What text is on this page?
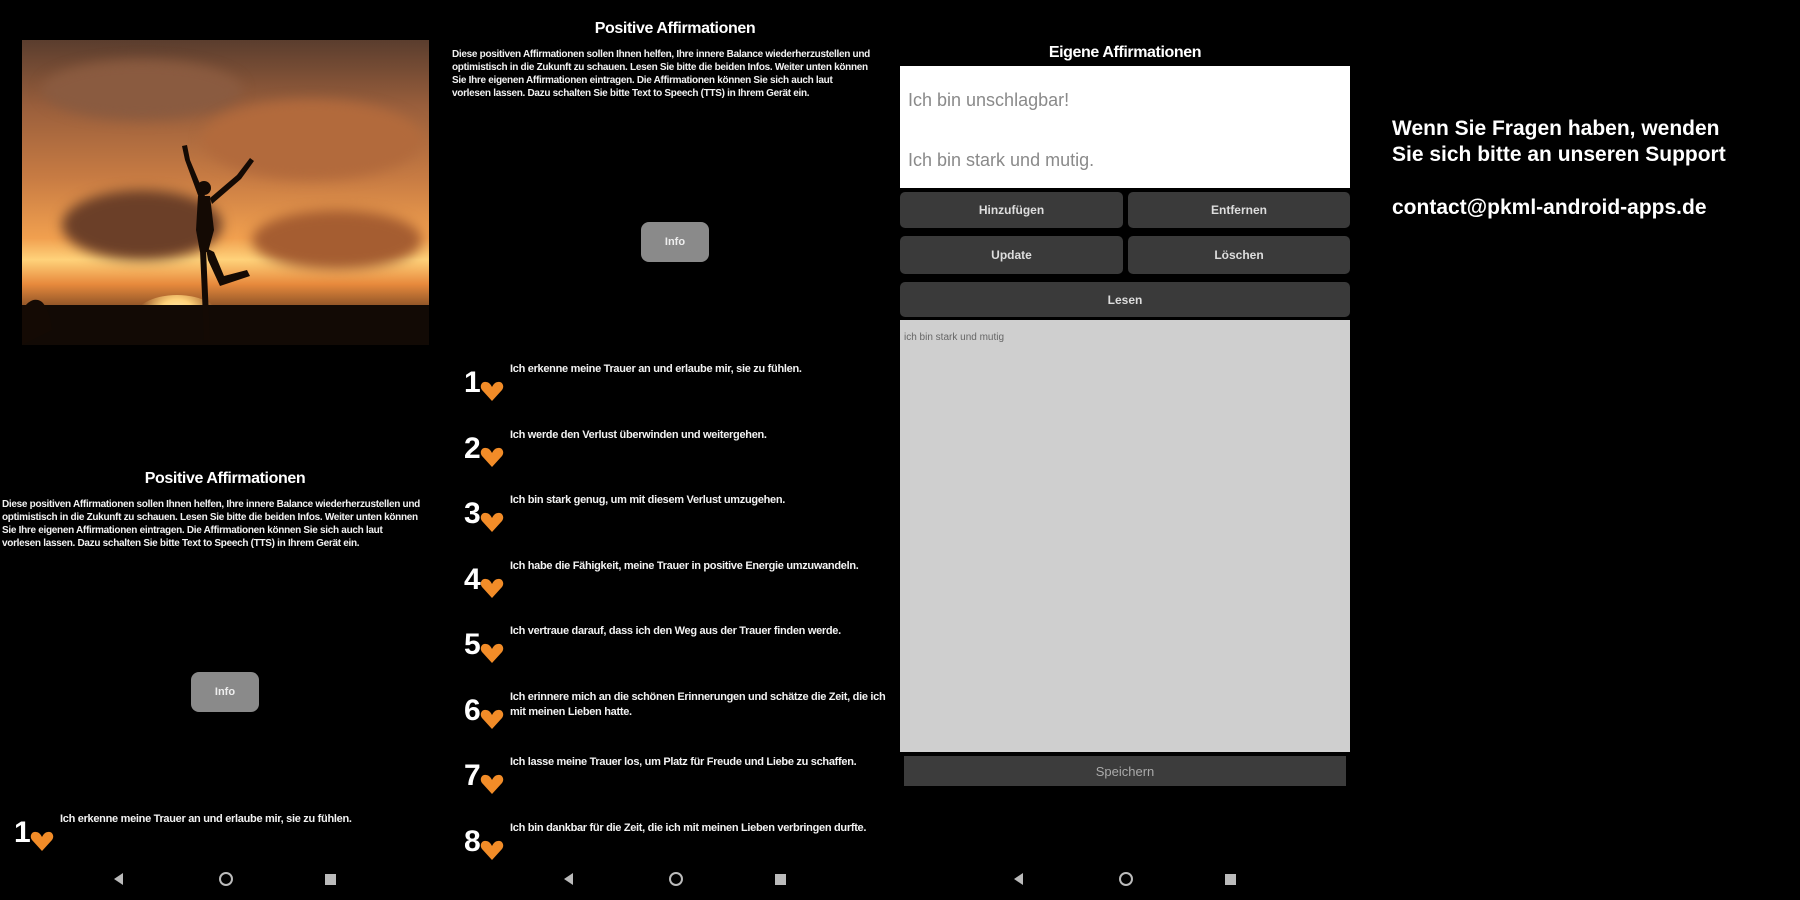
Positive Affirmationen
Diese positiven Affirmationen sollen Ihnen helfen, Ihre innere Balance wiederherzustellen und optimistisch in die Zukunft zu schauen. Lesen Sie bitte die beiden Infos. Weiter unten können Sie Ihre eigenen Affirmationen eintragen. Die Affirmationen können Sie sich auch laut vorlesen lassen. Dazu schalten Sie bitte Text to Speech (TTS) in Ihrem Gerät ein.
Info
1	Ich erkenne meine Trauer an und erlaube mir, sie zu fühlen.
Positive Affirmationen
Diese positiven Affirmationen sollen Ihnen helfen, Ihre innere Balance wiederherzustellen und optimistisch in die Zukunft zu schauen. Lesen Sie bitte die beiden Infos. Weiter unten können Sie Ihre eigenen Affirmationen eintragen. Die Affirmationen können Sie sich auch laut vorlesen lassen. Dazu schalten Sie bitte Text to Speech (TTS) in Ihrem Gerät ein.
Info
1	Ich erkenne meine Trauer an und erlaube mir, sie zu fühlen.
2	Ich werde den Verlust überwinden und weitergehen.
3	Ich bin stark genug, um mit diesem Verlust umzugehen.
4	Ich habe die Fähigkeit, meine Trauer in positive Energie umzuwandeln.
5	Ich vertraue darauf, dass ich den Weg aus der Trauer finden werde.
6	Ich erinnere mich an die schönen Erinnerungen und schätze die Zeit, die ich mit meinen Lieben hatte.
7	Ich lasse meine Trauer los, um Platz für Freude und Liebe zu schaffen.
8	Ich bin dankbar für die Zeit, die ich mit meinen Lieben verbringen durfte.
Eigene Affirmationen
Ich bin unschlagbar!
Ich bin stark und mutig.
Hinzufügen	Entfernen
Update	Löschen
Lesen
ich bin stark und mutig
Speichern
Wenn Sie Fragen haben, wenden
Sie sich bitte an unseren Support
contact@pkml-android-apps.de
